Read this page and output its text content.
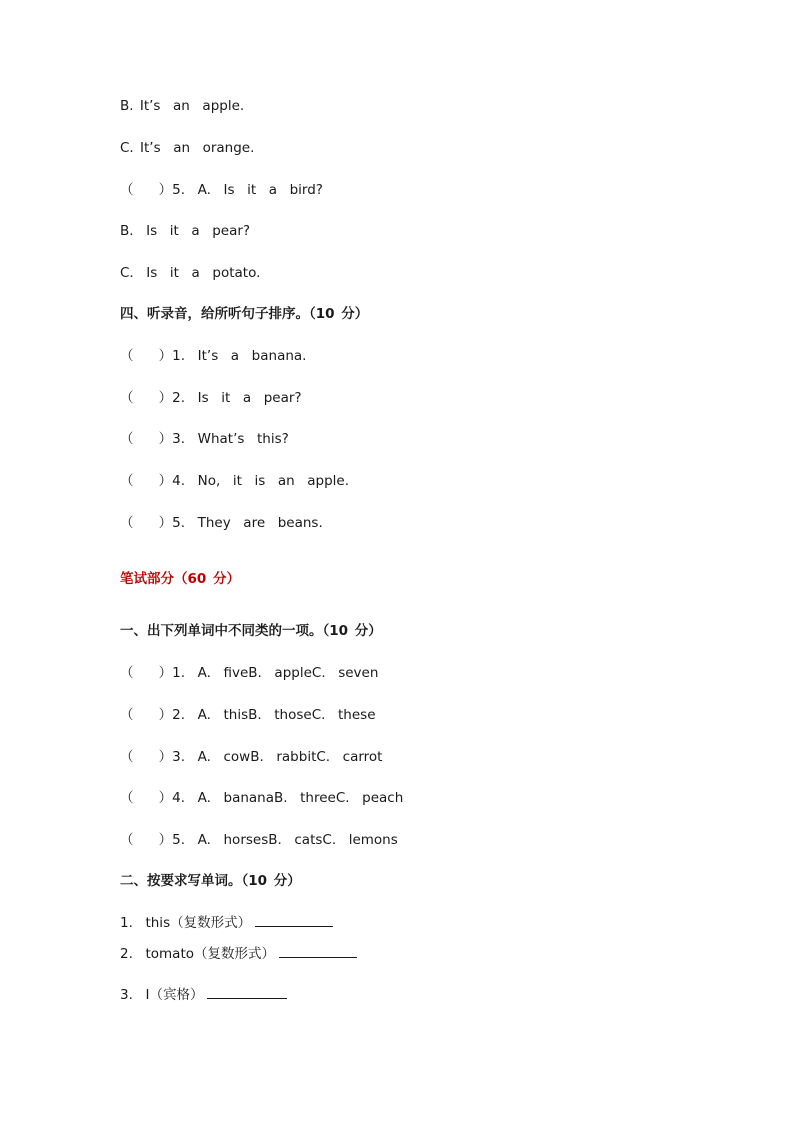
B. It’s  an  apple.
C. It’s  an  orange.
（    ）5.  A.  Is  it  a  bird?
B.  Is  it  a  pear?
C.  Is  it  a  potato.
四、听录音，给所听句子排序。（10 分）
（    ）1.  It’s  a  banana.
（    ）2.  Is  it  a  pear?
（    ）3.  What’s  this?
（    ）4.  No,  it  is  an  apple.
（    ）5.  They  are  beans.
笔试部分（60 分）
一、出下列单词中不同类的一项。（10 分）
（    ）1.  A.  fiveB.  appleC.  seven
（    ）2.  A.  thisB.  thoseC.  these
（    ）3.  A.  cowB.  rabbitC.  carrot
（    ）4.  A.  bananaB.  threeC.  peach
（    ）5.  A.  horsesB.  catsC.  lemons
二、按要求写单词。（10 分）
1.  this（复数形式）
2.  tomato（复数形式）
3.  I（宾格）
